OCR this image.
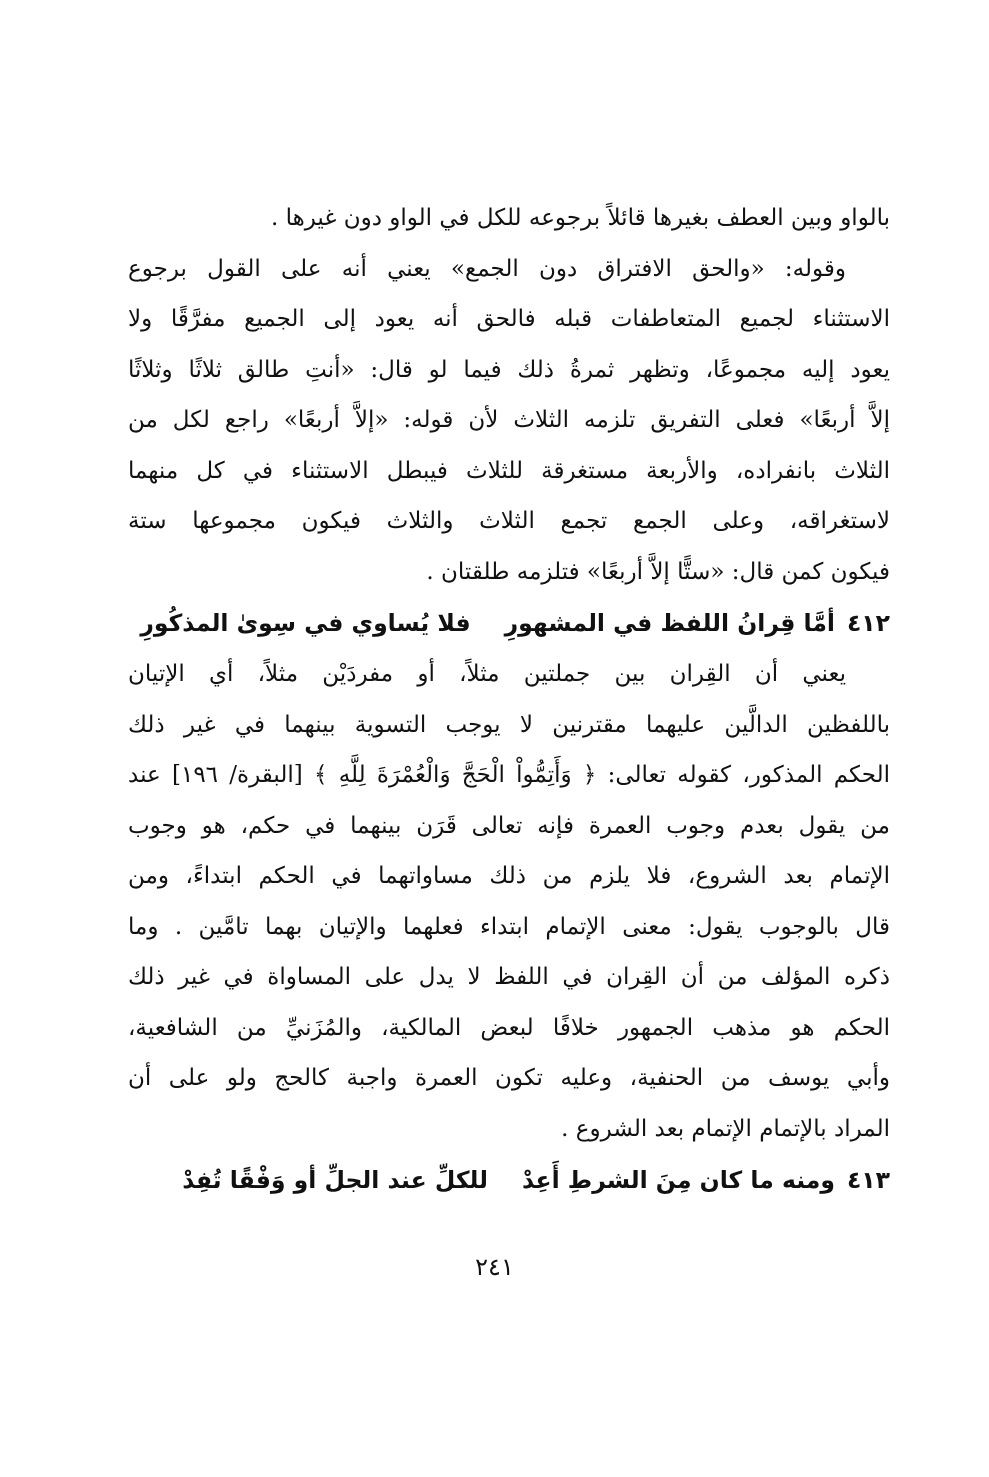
بالواو وبين العطف بغيرها قائلاً برجوعه للكل في الواو دون غيرها .
وقوله: «والحق الافتراق دون الجمع» يعني أنه على القول برجوع
الاستثناء لجميع المتعاطفات قبله فالحق أنه يعود إلى الجميع مفرَّقًا ولا
يعود إليه مجموعًا، وتظهر ثمرةُ ذلك فيما لو قال: «أنتِ طالق ثلاثًا وثلاثًا
إلاَّ أربعًا» فعلى التفريق تلزمه الثلاث لأن قوله: «إلاَّ أربعًا» راجع لكل من
الثلاث بانفراده، والأربعة مستغرقة للثلاث فيبطل الاستثناء في كل منهما
لاستغراقه، وعلى الجمع تجمع الثلاث والثلاث فيكون مجموعها ستة
فيكون كمن قال: «ستًّا إلاَّ أربعًا» فتلزمه طلقتان .
٤١٢أمَّا قِرانُ اللفظ في المشهورِفلا يُساوي في سِوىٰ المذكُورِ
يعني أن القِران بين جملتين مثلاً، أو مفردَيْن مثلاً، أي الإتيان
باللفظين الدالَّين عليهما مقترنين لا يوجب التسوية بينهما في غير ذلك
الحكم المذكور، كقوله تعالى: ﴿ وَأَتِمُّواْ الْحَجَّ وَالْعُمْرَةَ لِلَّهِ ﴾ [البقرة/ ١٩٦] عند
من يقول بعدم وجوب العمرة فإنه تعالى قَرَن بينهما في حكم، هو وجوب
الإتمام بعد الشروع، فلا يلزم من ذلك مساواتهما في الحكم ابتداءً، ومن
قال بالوجوب يقول: معنى الإتمام ابتداء فعلهما والإتيان بهما تامَّين . وما
ذكره المؤلف من أن القِران في اللفظ لا يدل على المساواة في غير ذلك
الحكم هو مذهب الجمهور خلافًا لبعض المالكية، والمُزَنيِّ من الشافعية،
وأبي يوسف من الحنفية، وعليه تكون العمرة واجبة كالحج ولو على أن
المراد بالإتمام الإتمام بعد الشروع .
٤١٣ومنه ما كان مِنَ الشرطِ أَعِدْللكلِّ عند الجلِّ أو وَفْقًا تُفِدْ
٢٤١
